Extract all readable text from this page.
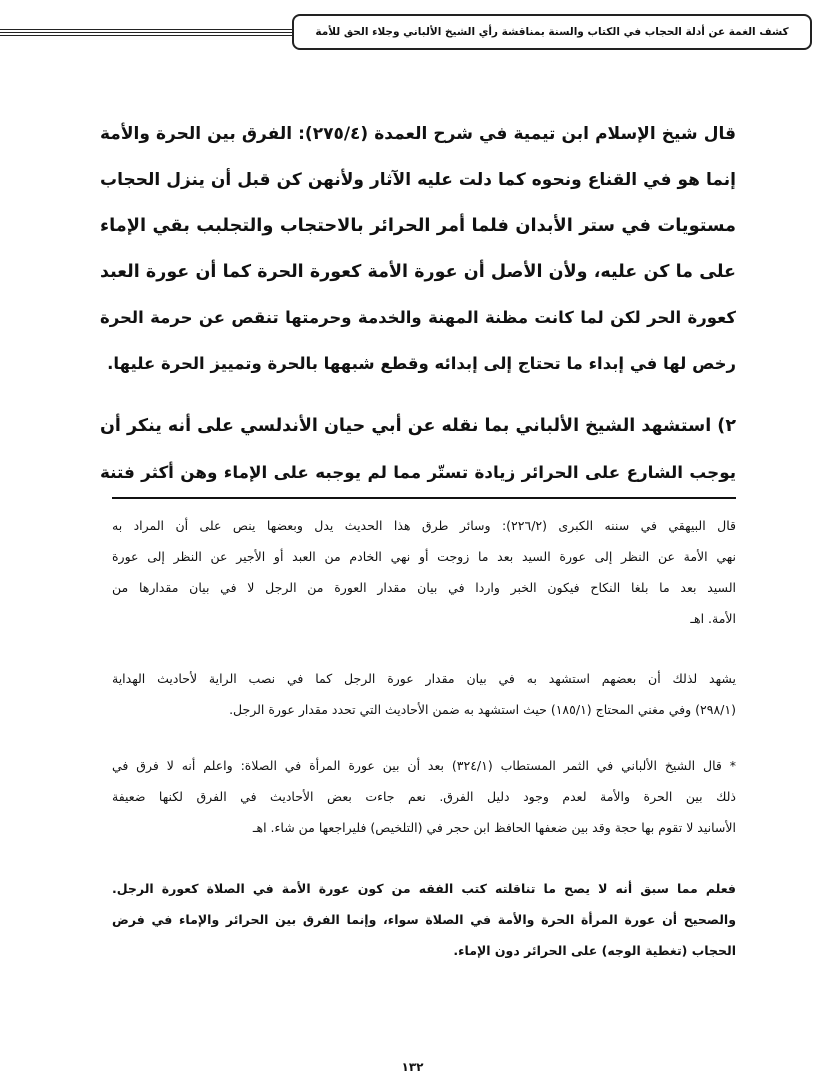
كشف الغمة عن أدلة الحجاب في الكتاب والسنة بمناقشة رأي الشيخ الألباني وجلاء الحق للأمة
قال شيخ الإسلام ابن تيمية في شرح العمدة (٢٧٥/٤): الفرق بين الحرة والأمة
إنما هو في القناع ونحوه كما دلت عليه الآثار ولأنهن كن قبل أن ينزل الحجاب
مستويات في ستر الأبدان فلما أمر الحرائر بالاحتجاب والتجلبب بقي الإماء
على ما كن عليه، ولأن الأصل أن عورة الأمة كعورة الحرة كما أن عورة العبد
كعورة الحر لكن لما كانت مظنة المهنة والخدمة وحرمتها تنقص عن حرمة الحرة
رخص لها في إبداء ما تحتاج إلى إبدائه وقطع شبهها بالحرة وتمييز الحرة عليها.
٢) استشهد الشيخ الألباني بما نقله عن أبي حيان الأندلسي على أنه ينكر أن
يوجب الشارع على الحرائر زيادة تستّر مما لم يوجبه على الإماء وهن أكثر فتنة
قال البيهقي في سننه الكبرى (٢٢٦/٢): وسائر طرق هذا الحديث يدل وبعضها ينص على أن المراد به
نهي الأمة عن النظر إلى عورة السيد بعد ما زوجت أو نهي الخادم من العبد أو الأجير عن النظر إلى عورة
السيد بعد ما بلغا النكاح فيكون الخبر واردا في بيان مقدار العورة من الرجل لا في بيان مقدارها من
الأمة. اهـ
يشهد لذلك أن بعضهم استشهد به في بيان مقدار عورة الرجل كما في نصب الراية لأحاديث الهداية
(٢٩٨/١) وفي مغني المحتاج (١٨٥/١) حيث استشهد به ضمن الأحاديث التي تحدد مقدار عورة الرجل.
* قال الشيخ الألباني في الثمر المستطاب (٣٢٤/١) بعد أن بين عورة المرأة في الصلاة: واعلم أنه لا فرق في
ذلك بين الحرة والأمة لعدم وجود دليل الفرق. نعم جاءت بعض الأحاديث في الفرق لكنها ضعيفة
الأسانيد لا تقوم بها حجة وقد بين ضعفها الحافظ ابن حجر في (التلخيص) فليراجعها من شاء. اهـ
فعلم مما سبق أنه لا يصح ما تناقلته كتب الفقه من كون عورة الأمة في الصلاة كعورة الرجل.
والصحيح أن عورة المرأة الحرة والأمة في الصلاة سواء، وإنما الفرق بين الحرائر والإماء في فرض
الحجاب (تغطية الوجه) على الحرائر دون الإماء.
١٣٢
